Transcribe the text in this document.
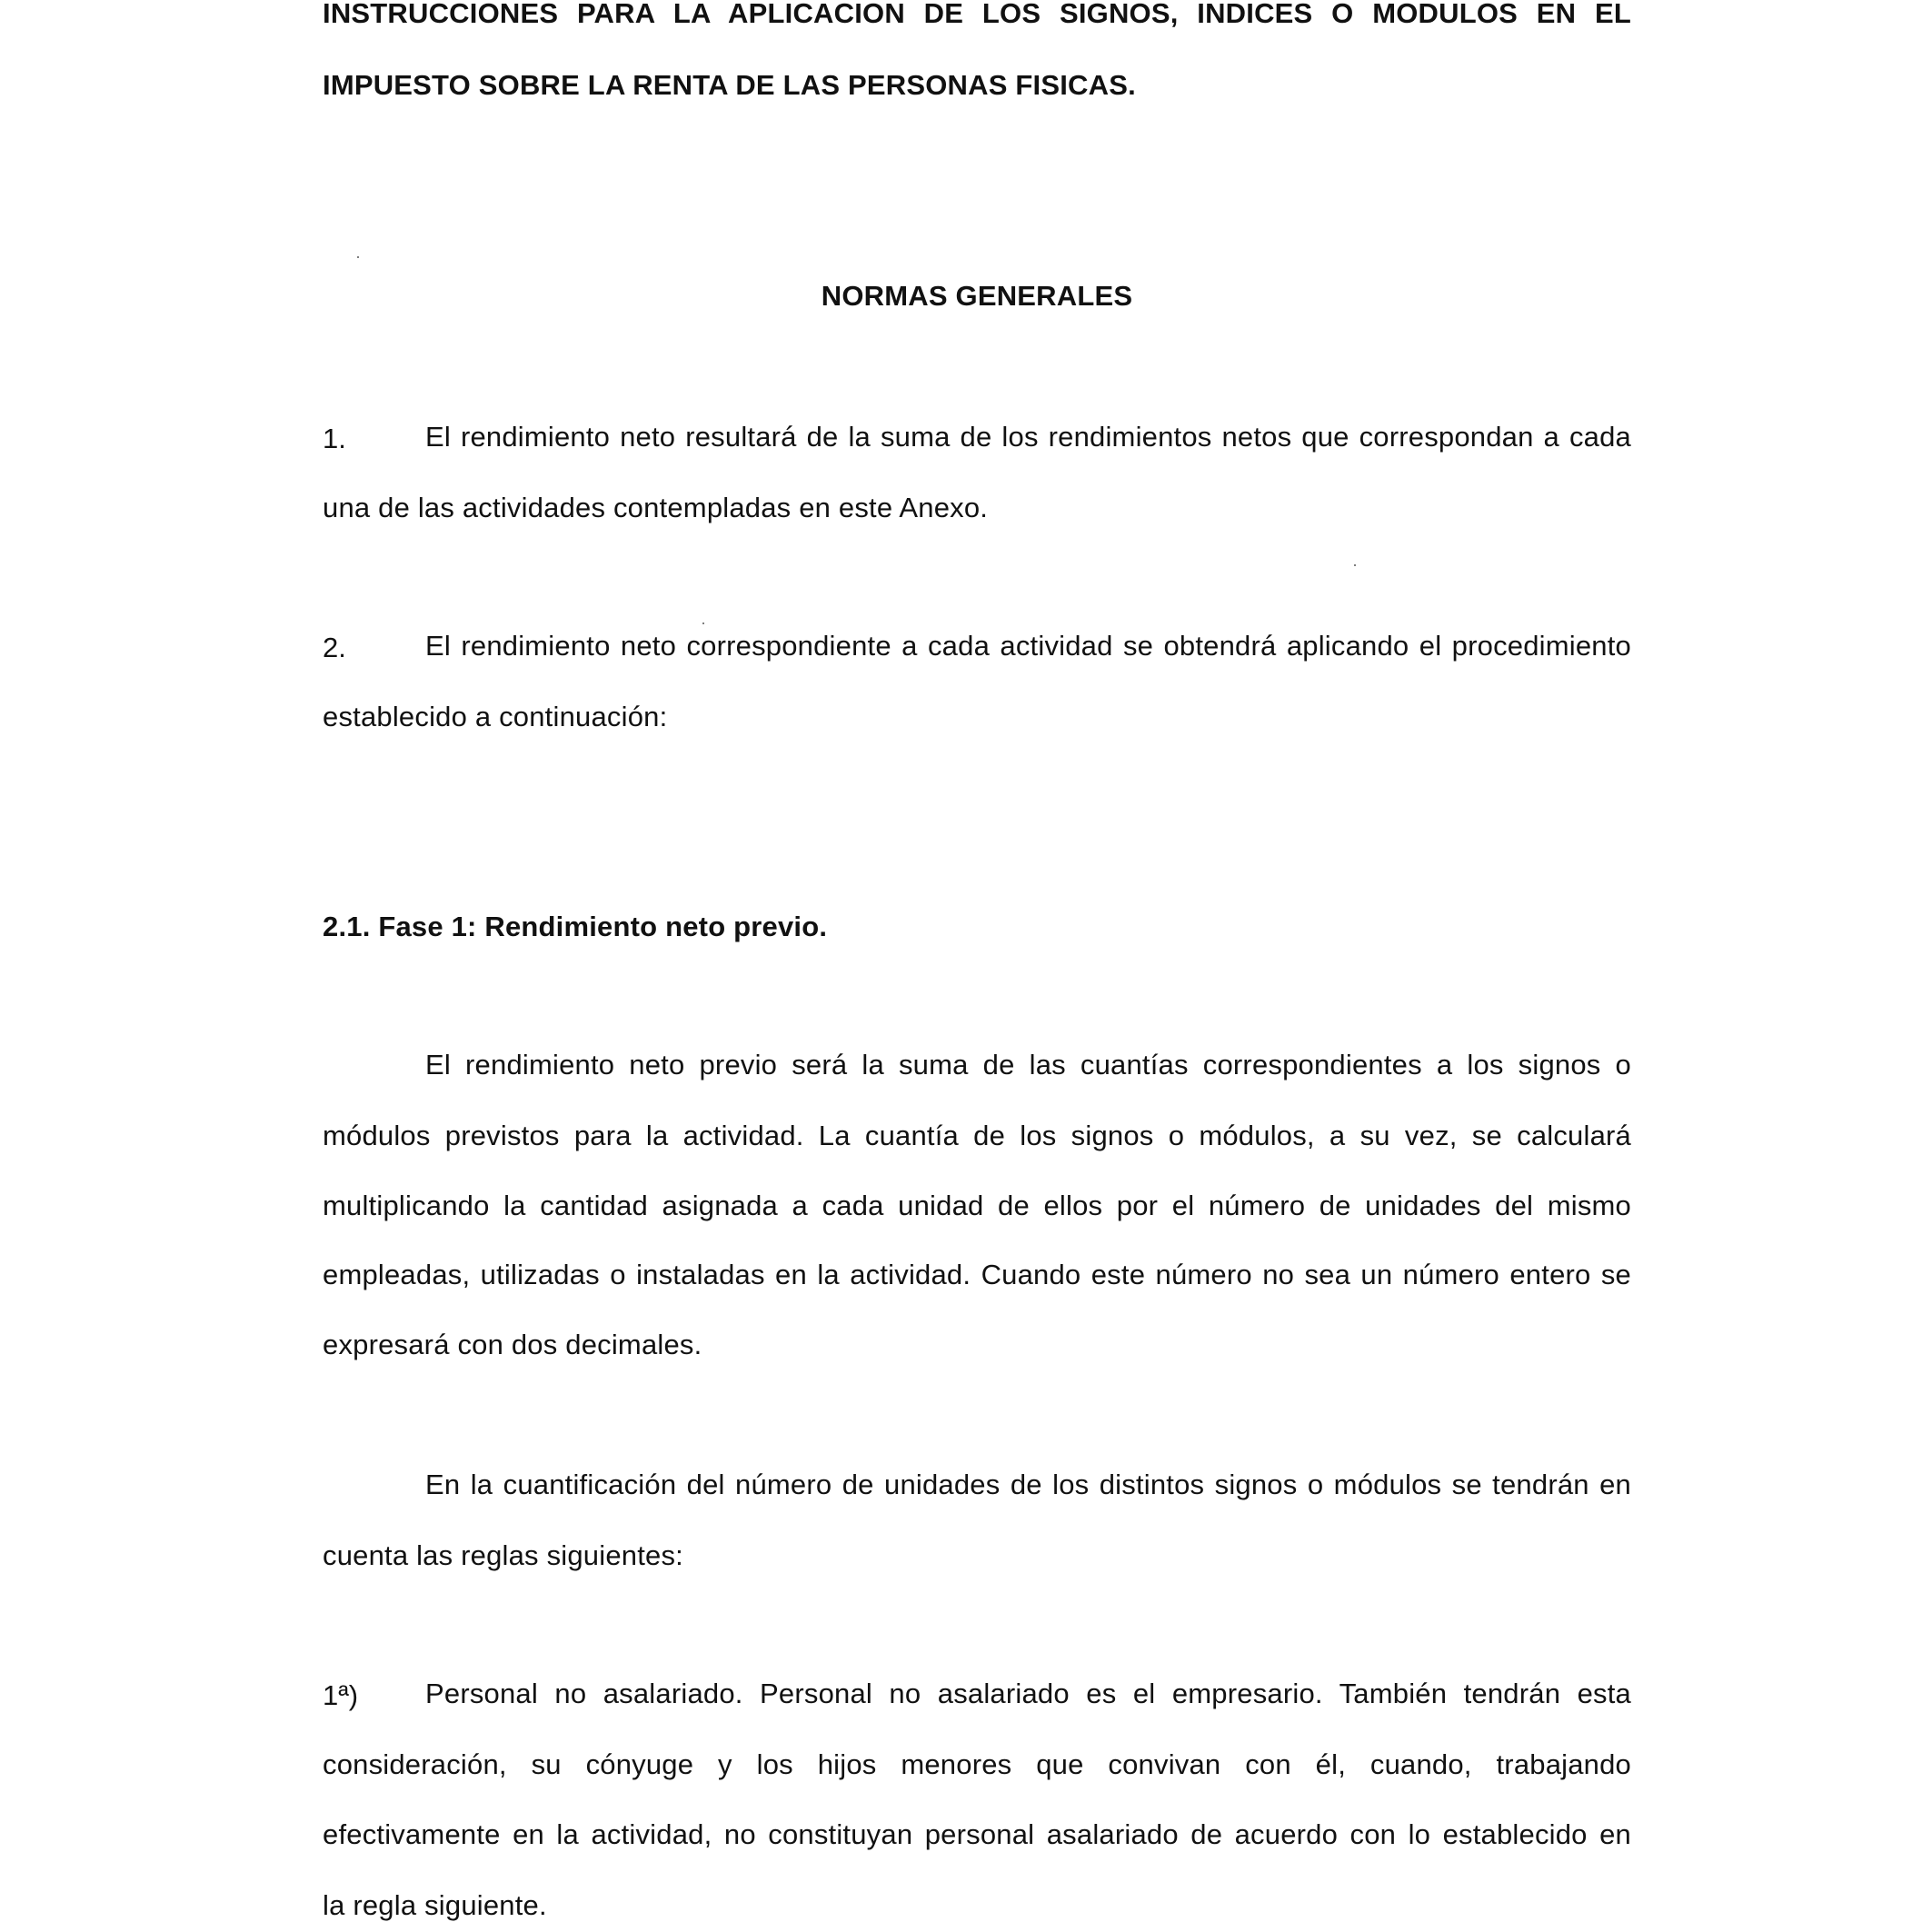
INSTRUCCIONES PARA LA APLICACION DE LOS SIGNOS, INDICES O MODULOS EN EL
IMPUESTO SOBRE LA RENTA DE LAS PERSONAS FISICAS.
NORMAS GENERALES
1.	El rendimiento neto resultará de la suma de los rendimientos netos que correspondan a cada
una de las actividades contempladas en este Anexo.
2.	El rendimiento neto correspondiente a cada actividad se obtendrá aplicando el procedimiento
establecido a continuación:
2.1. Fase 1: Rendimiento neto previo.
El rendimiento neto previo será la suma de las cuantías correspondientes a los signos o
módulos previstos para la actividad. La cuantía de los signos o módulos, a su vez, se calculará
multiplicando la cantidad asignada a cada unidad de ellos por el número de unidades del mismo
empleadas, utilizadas o instaladas en la actividad. Cuando este número no sea un número entero se
expresará con dos decimales.
En la cuantificación del número de unidades de los distintos signos o módulos se tendrán en
cuenta las reglas siguientes:
1ª) Personal no asalariado. Personal no asalariado es el empresario. También tendrán esta
consideración, su cónyuge y los hijos menores que convivan con él, cuando, trabajando
efectivamente en la actividad, no constituyan personal asalariado de acuerdo con lo establecido en
la regla siguiente.
